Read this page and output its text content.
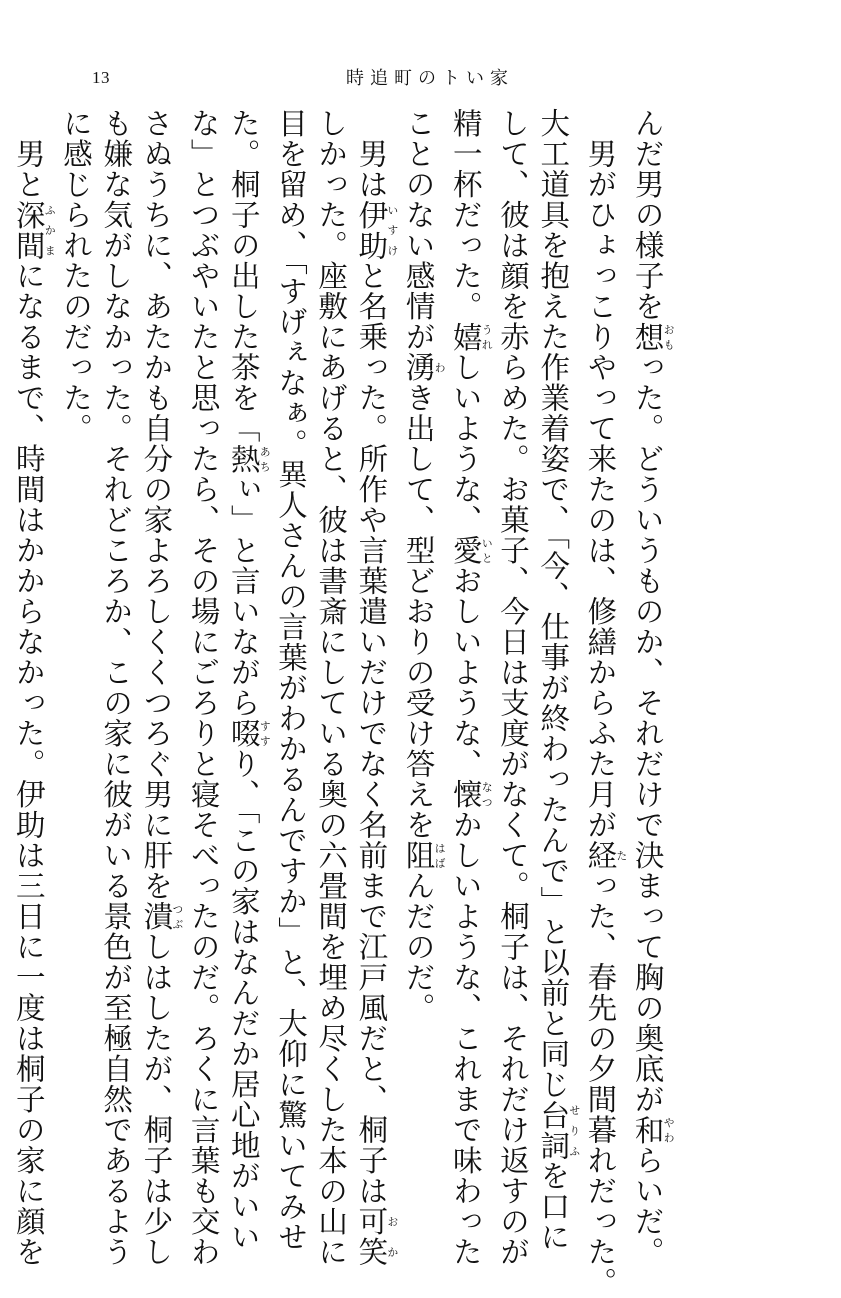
13	時追町のトい家

んだ男の様子を想おもった。どういうものか、それだけで決まって胸の奥底が和やわらいだ。
　男がひょっこりやって来たのは、修繕からふた月が経たった、春先の夕間暮れだった。
大工道具を抱えた作業着姿で、「今、仕事が終わったんで」と以前と同じ台詞せりふを口に
して、彼は顔を赤らめた。お菓子、今日は支度がなくて。桐子は、それだけ返すのが
精一杯だった。嬉うれしいような、愛いとおしいような、懐なつかしいような、これまで味わった
ことのない感情が湧わき出して、型どおりの受け答えを阻はばんだのだ。
　男は伊助いすけと名乗った。所作や言葉遣いだけでなく名前まで江戸風だと、桐子は可笑おか
しかった。座敷にあげると、彼は書斎にしている奥の六畳間を埋め尽くした本の山に
目を留め、「すげぇなぁ。異人さんの言葉がわかるんですか」と、大仰に驚いてみせ
た。桐子の出した茶を「熱あちぃ」と言いながら啜すすり、「この家はなんだか居心地がいい
な」とつぶやいたと思ったら、その場にごろりと寝そべったのだ。ろくに言葉も交わ
さぬうちに、あたかも自分の家よろしくくつろぐ男に肝を潰つぶしはしたが、桐子は少し
も嫌な気がしなかった。それどころか、この家に彼がいる景色が至極自然であるよう
に感じられたのだった。
　男と深間ふかまになるまで、時間はかからなかった。伊助は三日に一度は桐子の家に顔を
